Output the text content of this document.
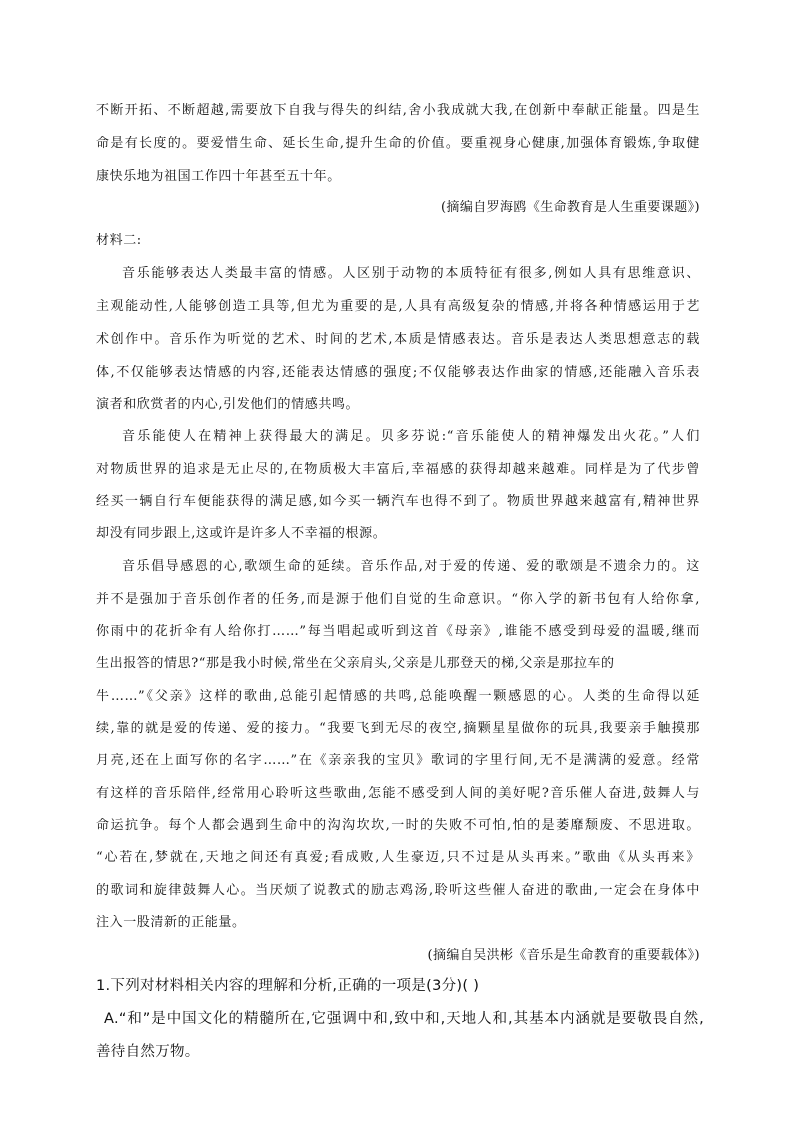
不断开拓、不断超越,需要放下自我与得失的纠结,舍小我成就大我,在创新中奉献正能量。四是生
命是有长度的。要爱惜生命、延长生命,提升生命的价值。要重视身心健康,加强体育锻炼,争取健
康快乐地为祖国工作四十年甚至五十年。
(摘编自罗海鸥《生命教育是人生重要课题》)
材料二:
音乐能够表达人类最丰富的情感。人区别于动物的本质特征有很多,例如人具有思维意识、
主观能动性,人能够创造工具等,但尤为重要的是,人具有高级复杂的情感,并将各种情感运用于艺
术创作中。音乐作为听觉的艺术、时间的艺术,本质是情感表达。音乐是表达人类思想意志的载
体,不仅能够表达情感的内容,还能表达情感的强度;不仅能够表达作曲家的情感,还能融入音乐表
演者和欣赏者的内心,引发他们的情感共鸣。
音乐能使人在精神上获得最大的满足。贝多芬说:“音乐能使人的精神爆发出火花。”人们
对物质世界的追求是无止尽的,在物质极大丰富后,幸福感的获得却越来越难。同样是为了代步曾
经买一辆自行车便能获得的满足感,如今买一辆汽车也得不到了。物质世界越来越富有,精神世界
却没有同步跟上,这或许是许多人不幸福的根源。
音乐倡导感恩的心,歌颂生命的延续。音乐作品,对于爱的传递、爱的歌颂是不遗余力的。这
并不是强加于音乐创作者的任务,而是源于他们自觉的生命意识。“你入学的新书包有人给你拿,
你雨中的花折伞有人给你打……”每当唱起或听到这首《母亲》,谁能不感受到母爱的温暖,继而
生出报答的情思?“那是我小时候,常坐在父亲肩头,父亲是儿那登天的梯,父亲是那拉车的
牛……”《父亲》这样的歌曲,总能引起情感的共鸣,总能唤醒一颗感恩的心。人类的生命得以延
续,靠的就是爱的传递、爱的接力。“我要飞到无尽的夜空,摘颗星星做你的玩具,我要亲手触摸那
月亮,还在上面写你的名字……”在《亲亲我的宝贝》歌词的字里行间,无不是满满的爱意。经常
有这样的音乐陪伴,经常用心聆听这些歌曲,怎能不感受到人间的美好呢?音乐催人奋进,鼓舞人与
命运抗争。每个人都会遇到生命中的沟沟坎坎,一时的失败不可怕,怕的是萎靡颓废、不思进取。
“心若在,梦就在,天地之间还有真爱;看成败,人生豪迈,只不过是从头再来。”歌曲《从头再来》
的歌词和旋律鼓舞人心。当厌烦了说教式的励志鸡汤,聆听这些催人奋进的歌曲,一定会在身体中
注入一股清新的正能量。
(摘编自吴洪彬《音乐是生命教育的重要载体》)
1.下列对材料相关内容的理解和分析,正确的一项是(3分)( )
A.“和”是中国文化的精髓所在,它强调中和,致中和,天地人和,其基本内涵就是要敬畏自然,
善待自然万物。
